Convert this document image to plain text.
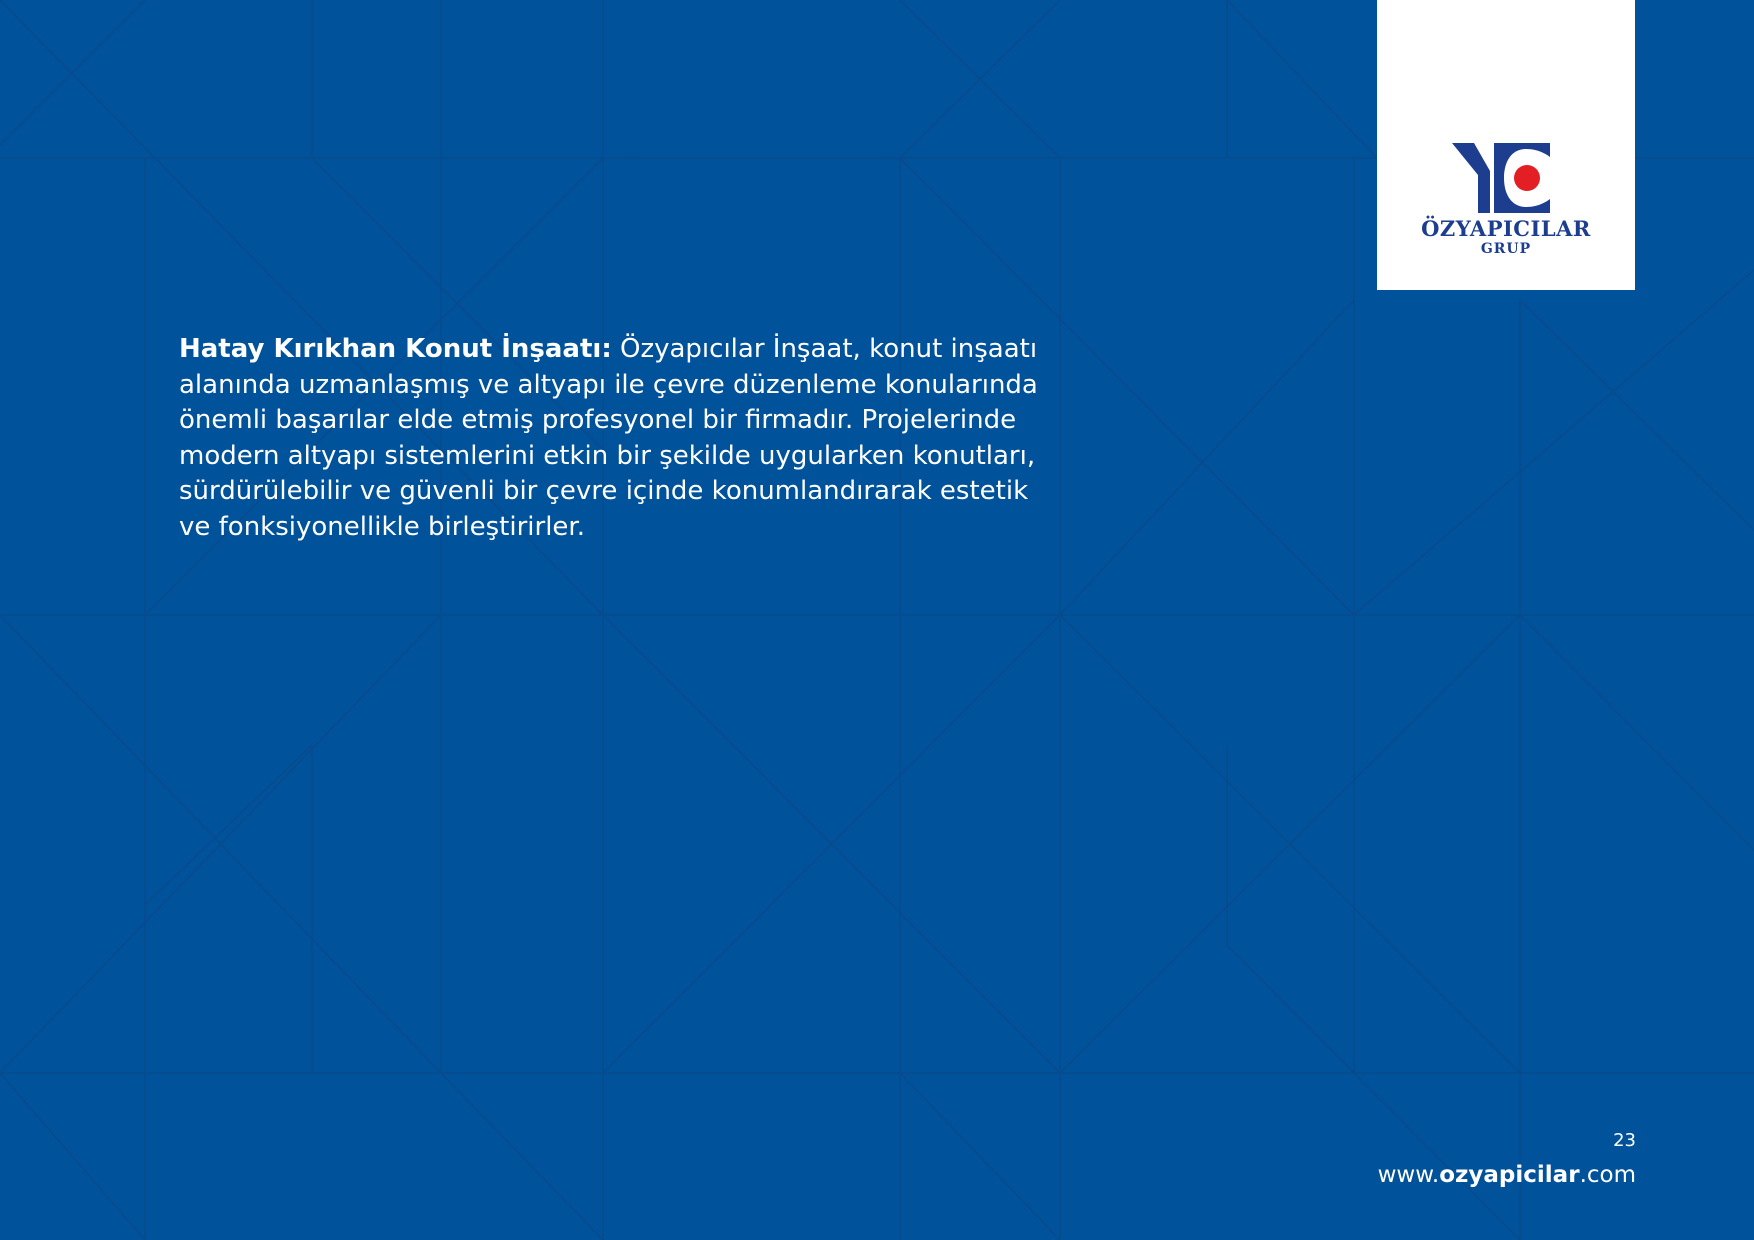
ÖZYAPICILAR
GRUP
Hatay Kırıkhan Konut İnşaatı: Özyapıcılar İnşaat, konut inşaatı alanında uzmanlaşmış ve altyapı ile çevre düzenleme konularında önemli başarılar elde etmiş profesyonel bir firmadır. Projelerinde modern altyapı sistemlerini etkin bir şekilde uygularken konutları, sürdürülebilir ve güvenli bir çevre içinde konumlandırarak estetik ve fonksiyonellikle birleştirirler.
23
www.ozyapicilar.com
